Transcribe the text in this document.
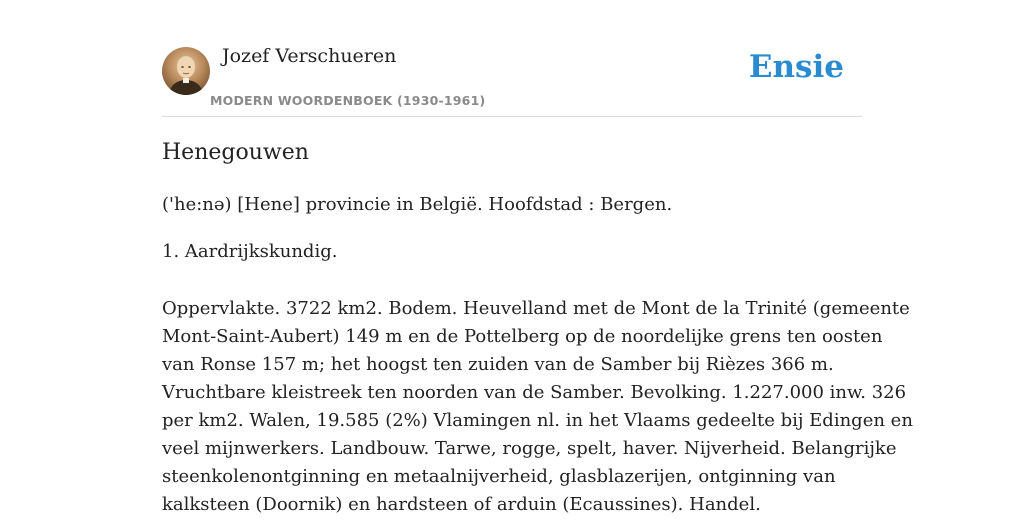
Jozef Verschueren
MODERN WOORDENBOEK (1930-1961)
Ensie
Henegouwen
('he:nə) [Hene] provincie in België. Hoofdstad : Bergen.
1. Aardrijkskundig.
Oppervlakte. 3722 km2. Bodem. Heuvelland met de Mont de la Trinité (gemeente
Mont-Saint-Aubert) 149 m en de Pottelberg op de noordelijke grens ten oosten
van Ronse 157 m; het hoogst ten zuiden van de Samber bij Rièzes 366 m.
Vruchtbare kleistreek ten noorden van de Samber. Bevolking. 1.227.000 inw. 326
per km2. Walen, 19.585 (2%) Vlamingen nl. in het Vlaams gedeelte bij Edingen en
veel mijnwerkers. Landbouw. Tarwe, rogge, spelt, haver. Nijverheid. Belangrijke
steenkolenontginning en metaalnijverheid, glasblazerijen, ontginning van
kalksteen (Doornik) en hardsteen of arduin (Ecaussines). Handel.
